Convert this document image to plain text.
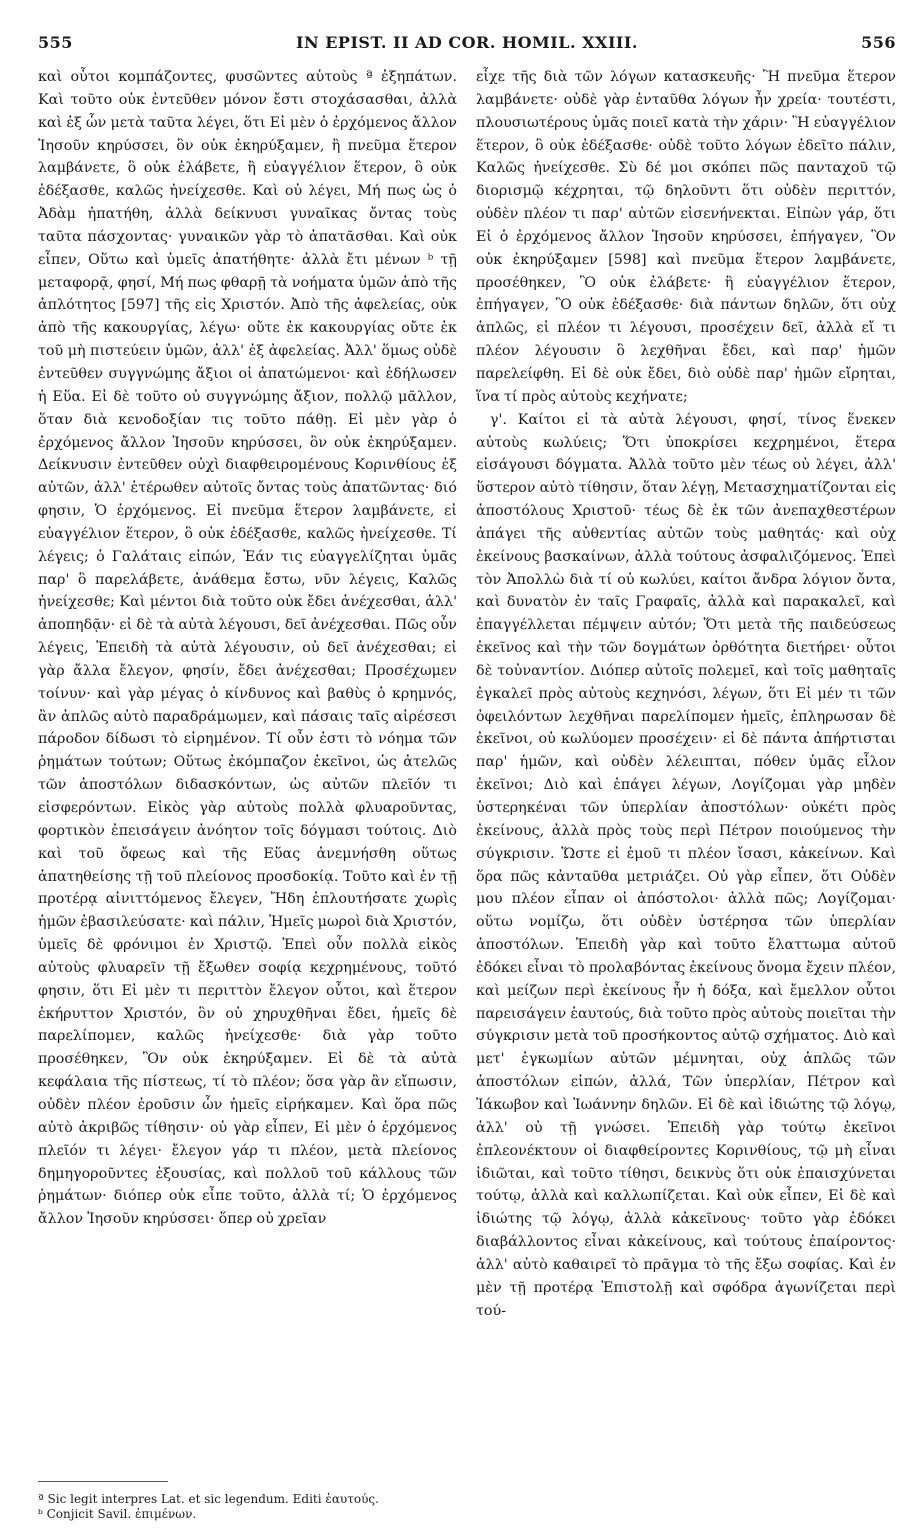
555	IN EPIST. II AD COR. HOMIL. XXIII.	556

καὶ οὗτοι κομπάζοντες, φυσῶντες αὑτοὺς ª ἐξηπάτων. Καὶ τοῦτο οὐκ ἐντεῦθεν μόνον ἔστι στοχάσασθαι, ἀλλὰ καὶ ἐξ ὧν μετὰ ταῦτα λέγει, ὅτι Εἰ μὲν ὁ ἐρχόμενος ἄλλον Ἰησοῦν κηρύσσει, ὃν οὐκ ἐκηρύξαμεν, ἢ πνεῦμα ἕτερον λαμβάνετε, ὃ οὐκ ἐλάβετε, ἢ εὐαγγέλιον ἕτερον, ὃ οὐκ ἐδέξασθε, καλῶς ἠνείχεσθε. Καὶ οὐ λέγει, Μή πως ὡς ὁ Ἀδὰμ ἠπατήθη, ἀλλὰ δείκνυσι γυναῖκας ὄντας τοὺς ταῦτα πάσχοντας· γυναικῶν γὰρ τὸ ἀπατᾶσθαι. Καὶ οὐκ εἶπεν, Οὕτω καὶ ὑμεῖς ἀπατήθητε· ἀλλὰ ἔτι μένων ᵇ τῇ μεταφορᾷ, φησί, Μή πως φθαρῇ τὰ νοήματα ὑμῶν ἀπὸ τῆς ἁπλότητος [597] τῆς εἰς Χριστόν. Ἀπὸ τῆς ἀφελείας, οὐκ ἀπὸ τῆς κακουργίας, λέγω· οὔτε ἐκ κακουργίας οὔτε ἐκ τοῦ μὴ πιστεύειν ὑμῶν, ἀλλ' ἐξ ἀφελείας. Ἀλλ' ὅμως οὐδὲ ἐντεῦθεν συγγνώμης ἄξιοι οἱ ἀπατώμενοι· καὶ ἐδήλωσεν ἡ Εὕα. Εἰ δὲ τοῦτο οὐ συγγνώμης ἄξιον, πολλῷ μᾶλλον, ὅταν διὰ κενοδοξίαν τις τοῦτο πάθῃ. Εἰ μὲν γὰρ ὁ ἐρχόμενος ἄλλον Ἰησοῦν κηρύσσει, ὃν οὐκ ἐκηρύξαμεν. Δείκνυσιν ἐντεῦθεν οὐχὶ διαφθειρομένους Κορινθίους ἐξ αὐτῶν, ἀλλ' ἑτέρωθεν αὐτοῖς ὄντας τοὺς ἀπατῶντας· διό φησιν, Ὁ ἐρχόμενος. Εἰ πνεῦμα ἕτερον λαμβάνετε, εἰ εὐαγγέλιον ἕτερον, ὃ οὐκ ἐδέξασθε, καλῶς ἠνείχεσθε. Τί λέγεις; ὁ Γαλάταις εἰπών, Ἐάν τις εὐαγγελίζηται ὑμᾶς παρ' ὃ παρελάβετε, ἀνάθεμα ἔστω, νῦν λέγεις, Καλῶς ἠνείχεσθε; Καὶ μέντοι διὰ τοῦτο οὐκ ἔδει ἀνέχεσθαι, ἀλλ' ἀποπηδᾷν· εἰ δὲ τὰ αὐτὰ λέγουσι, δεῖ ἀνέχεσθαι. Πῶς οὖν λέγεις, Ἐπειδὴ τὰ αὐτὰ λέγουσιν, οὐ δεῖ ἀνέχεσθαι; εἰ γὰρ ἄλλα ἔλεγον, φησίν, ἔδει ἀνέχεσθαι; Προσέχωμεν τοίνυν· καὶ γὰρ μέγας ὁ κίνδυνος καὶ βαθὺς ὁ κρημνός, ἂν ἁπλῶς αὐτὸ παραδράμωμεν, καὶ πάσαις ταῖς αἱρέσεσι πάροδον δίδωσι τὸ εἰρημένον. Τί οὖν ἐστι τὸ νόημα τῶν ῥημάτων τούτων; Οὕτως ἐκόμπαζον ἐκεῖνοι, ὡς ἀτελῶς τῶν ἀποστόλων διδασκόντων, ὡς αὐτῶν πλεῖόν τι εἰσφερόντων. Εἰκὸς γὰρ αὐτοὺς πολλὰ φλυαροῦντας, φορτικὸν ἐπεισάγειν ἀνόητον τοῖς δόγμασι τούτοις. Διὸ καὶ τοῦ ὄφεως καὶ τῆς Εὕας ἀνεμνήσθη οὕτως ἀπατηθείσης τῇ τοῦ πλείονος προσδοκίᾳ. Τοῦτο καὶ ἐν τῇ προτέρᾳ αἰνιττόμενος ἔλεγεν, Ἤδη ἐπλουτήσατε χωρὶς ἡμῶν ἐβασιλεύσατε· καὶ πάλιν, Ἡμεῖς μωροὶ διὰ Χριστόν, ὑμεῖς δὲ φρόνιμοι ἐν Χριστῷ. Ἐπεὶ οὖν πολλὰ εἰκὸς αὐτοὺς φλυαρεῖν τῇ ἔξωθεν σοφίᾳ κεχρημένους, τοῦτό φησιν, ὅτι Εἰ μὲν τι περιττὸν ἔλεγον οὗτοι, καὶ ἕτερον ἐκήρυττον Χριστόν, ὃν οὐ χηρυχθῆναι ἔδει, ἡμεῖς δὲ παρελίπομεν, καλῶς ἠνείχεσθε· διὰ γὰρ τοῦτο προσέθηκεν, Ὃν οὐκ ἐκηρύξαμεν. Εἰ δὲ τὰ αὐτὰ κεφάλαια τῆς πίστεως, τί τὸ πλέον; ὅσα γὰρ ἂν εἴπωσιν, οὐδὲν πλέον ἐροῦσιν ὧν ἡμεῖς εἰρήκαμεν. Καὶ ὅρα πῶς αὐτὸ ἀκριβῶς τίθησιν· οὐ γὰρ εἶπεν, Εἰ μὲν ὁ ἐρχόμενος πλεῖόν τι λέγει· ἔλεγον γάρ τι πλέον, μετὰ πλείονος δημηγοροῦντες ἐξουσίας, καὶ πολλοῦ τοῦ κάλλους τῶν ῥημάτων· διόπερ οὐκ εἶπε τοῦτο, ἀλλὰ τί; Ὁ ἐρχόμενος ἄλλον Ἰησοῦν κηρύσσει· ὅπερ οὐ χρεῖαν

εἶχε τῆς διὰ τῶν λόγων κατασκευῆς· Ἢ πνεῦμα ἕτερον λαμβάνετε· οὐδὲ γὰρ ἐνταῦθα λόγων ἦν χρεία· τουτέστι, πλουσιωτέρους ὑμᾶς ποιεῖ κατὰ τὴν χάριν· Ἢ εὐαγγέλιον ἕτερον, ὃ οὐκ ἐδέξασθε· οὐδὲ τοῦτο λόγων ἐδεῖτο πάλιν, Καλῶς ἠνείχεσθε. Σὺ δέ μοι σκόπει πῶς πανταχοῦ τῷ διορισμῷ κέχρηται, τῷ δηλοῦντι ὅτι οὐδὲν περιττόν, οὐδὲν πλέον τι παρ' αὐτῶν εἰσενήνεκται. Εἰπὼν γάρ, ὅτι Εἰ ὁ ἐρχόμενος ἄλλον Ἰησοῦν κηρύσσει, ἐπήγαγεν, Ὃν οὐκ ἐκηρύξαμεν [598] καὶ πνεῦμα ἕτερον λαμβάνετε, προσέθηκεν, Ὃ οὐκ ἐλάβετε· ἢ εὐαγγέλιον ἕτερον, ἐπήγαγεν, Ὃ οὐκ ἐδέξασθε· διὰ πάντων δηλῶν, ὅτι οὐχ ἁπλῶς, εἰ πλέον τι λέγουσι, προσέχειν δεῖ, ἀλλὰ εἴ τι πλέον λέγουσιν ὃ λεχθῆναι ἔδει, καὶ παρ' ἡμῶν παρελείφθη. Εἰ δὲ οὐκ ἔδει, διὸ οὐδὲ παρ' ἡμῶν εἴρηται, ἵνα τί πρὸς αὐτοὺς κεχήνατε;

γ'. Καίτοι εἰ τὰ αὐτὰ λέγουσι, φησί, τίνος ἕνεκεν αὐτοὺς κωλύεις; Ὅτι ὑποκρίσει κεχρημένοι, ἕτερα εἰσάγουσι δόγματα. Ἀλλὰ τοῦτο μὲν τέως οὐ λέγει, ἀλλ' ὕστερον αὐτὸ τίθησιν, ὅταν λέγῃ, Μετασχηματίζονται εἰς ἀποστόλους Χριστοῦ· τέως δὲ ἐκ τῶν ἀνεπαχθεστέρων ἀπάγει τῆς αὐθεντίας αὐτῶν τοὺς μαθητάς· καὶ οὐχ ἐκείνους βασκαίνων, ἀλλὰ τούτους ἀσφαλιζόμενος. Ἐπεὶ τὸν Ἀπολλὼ διὰ τί οὐ κωλύει, καίτοι ἄνδρα λόγιον ὄντα, καὶ δυνατὸν ἐν ταῖς Γραφαῖς, ἀλλὰ καὶ παρακαλεῖ, καὶ ἐπαγγέλλεται πέμψειν αὐτόν; Ὅτι μετὰ τῆς παιδεύσεως ἐκεῖνος καὶ τὴν τῶν δογμάτων ὀρθότητα διετήρει· οὗτοι δὲ τοὐναντίον. Διόπερ αὐτοῖς πολεμεῖ, καὶ τοῖς μαθηταῖς ἐγκαλεῖ πρὸς αὐτοὺς κεχηνόσι, λέγων, ὅτι Εἰ μέν τι τῶν ὀφειλόντων λεχθῆναι παρελίπομεν ἡμεῖς, ἐπληρωσαν δὲ ἐκεῖνοι, οὐ κωλύομεν προσέχειν· εἰ δὲ πάντα ἀπήρτισται παρ' ἡμῶν, καὶ οὐδὲν λέλειπται, πόθεν ὑμᾶς εἷλον ἐκεῖνοι; Διὸ καὶ ἐπάγει λέγων, Λογίζομαι γὰρ μηδὲν ὑστερηκέναι τῶν ὑπερλίαν ἀποστόλων· οὐκέτι πρὸς ἐκείνους, ἀλλὰ πρὸς τοὺς περὶ Πέτρον ποιούμενος τὴν σύγκρισιν. Ὥστε εἰ ἐμοῦ τι πλέον ἴσασι, κἀκείνων. Καὶ ὅρα πῶς κἀνταῦθα μετριάζει. Οὐ γὰρ εἶπεν, ὅτι Οὐδὲν μου πλέον εἶπαν οἱ ἀπόστολοι· ἀλλὰ πῶς; Λογίζομαι· οὕτω νομίζω, ὅτι οὐδὲν ὑστέρησα τῶν ὑπερλίαν ἀποστόλων. Ἐπειδὴ γὰρ καὶ τοῦτο ἔλαττωμα αὐτοῦ ἐδόκει εἶναι τὸ προλαβόντας ἐκείνους ὄνομα ἔχειν πλέον, καὶ μείζων περὶ ἐκείνους ἦν ἡ δόξα, καὶ ἔμελλον οὗτοι παρεισάγειν ἑαυτούς, διὰ τοῦτο πρὸς αὐτοὺς ποιεῖται τὴν σύγκρισιν μετὰ τοῦ προσήκοντος αὐτῷ σχήματος. Διὸ καὶ μετ' ἐγκωμίων αὐτῶν μέμνηται, οὐχ ἁπλῶς τῶν ἀποστόλων εἰπών, ἀλλά, Τῶν ὑπερλίαν, Πέτρον καὶ Ἰάκωβον καὶ Ἰωάννην δηλῶν. Εἰ δὲ καὶ ἰδιώτης τῷ λόγῳ, ἀλλ' οὐ τῇ γνώσει. Ἐπειδὴ γὰρ τούτῳ ἐκεῖνοι ἐπλεονέκτουν οἱ διαφθείροντες Κορινθίους, τῷ μὴ εἶναι ἰδιῶται, καὶ τοῦτο τίθησι, δεικνὺς ὅτι οὐκ ἐπαισχύνεται τούτῳ, ἀλλὰ καὶ καλλωπίζεται. Καὶ οὐκ εἶπεν, Εἰ δὲ καὶ ἰδιώτης τῷ λόγῳ, ἀλλὰ κἀκεῖνους· τοῦτο γὰρ ἐδόκει διαβάλλοντος εἶναι κἀκείνους, καὶ τούτους ἐπαίροντος· ἀλλ' αὐτὸ καθαιρεῖ τὸ πρᾶγμα τὸ τῆς ἔξω σοφίας. Καὶ ἐν μὲν τῇ προτέρᾳ Ἐπιστολῇ καὶ σφόδρα ἀγωνίζεται περὶ τού-

ª Sic legit interpres Lat. et sic legendum. Editi ἑαυτούς.
ᵇ Conjicit Savil. ἐπιμένων.
